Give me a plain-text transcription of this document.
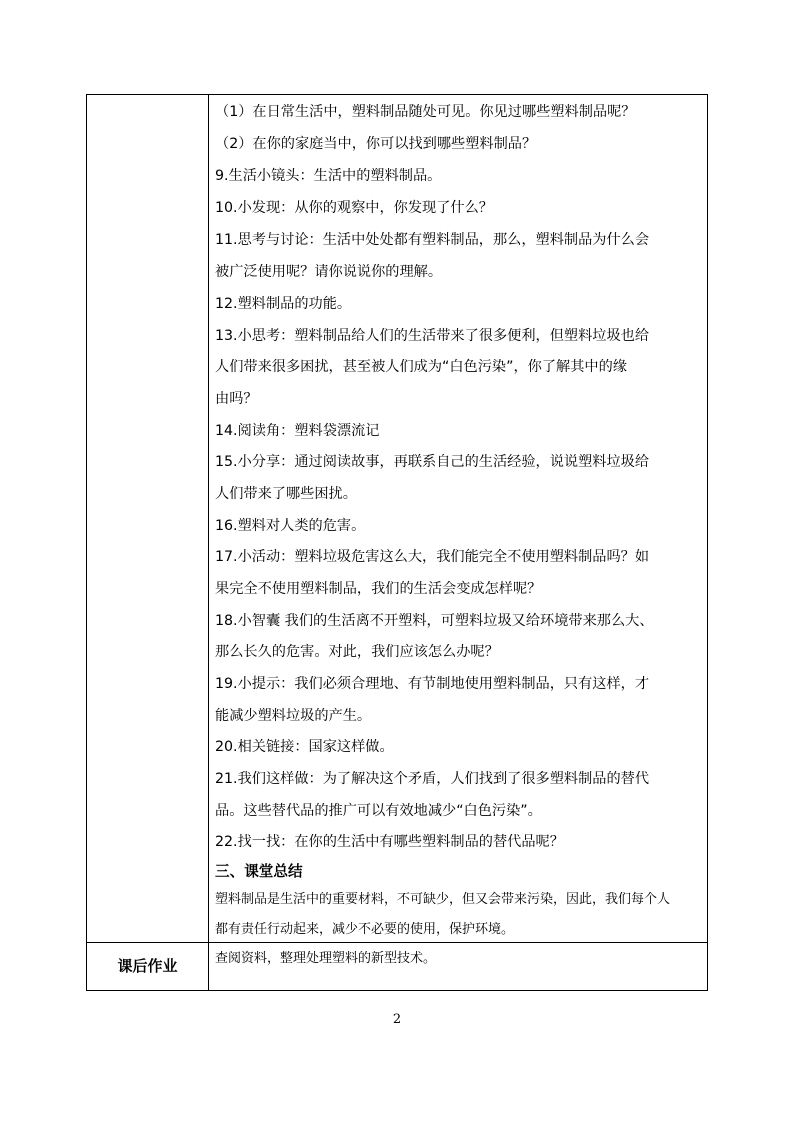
（1）在日常生活中，塑料制品随处可见。你见过哪些塑料制品呢？
（2）在你的家庭当中，你可以找到哪些塑料制品？
9.生活小镜头：生活中的塑料制品。
10.小发现：从你的观察中，你发现了什么？
11.思考与讨论：生活中处处都有塑料制品，那么，塑料制品为什么会
被广泛使用呢？请你说说你的理解。
12.塑料制品的功能。
13.小思考：塑料制品给人们的生活带来了很多便利，但塑料垃圾也给
人们带来很多困扰，甚至被人们成为“白色污染”，你了解其中的缘
由吗？
14.阅读角：塑料袋漂流记
15.小分享：通过阅读故事，再联系自己的生活经验，说说塑料垃圾给
人们带来了哪些困扰。
16.塑料对人类的危害。
17.小活动：塑料垃圾危害这么大，我们能完全不使用塑料制品吗？如
果完全不使用塑料制品，我们的生活会变成怎样呢？
18.小智囊 我们的生活离不开塑料，可塑料垃圾又给环境带来那么大、
那么长久的危害。对此，我们应该怎么办呢？
19.小提示：我们必须合理地、有节制地使用塑料制品，只有这样，才
能减少塑料垃圾的产生。
20.相关链接：国家这样做。
21.我们这样做：为了解决这个矛盾，人们找到了很多塑料制品的替代
品。这些替代品的推广可以有效地减少“白色污染”。
22.找一找：在你的生活中有哪些塑料制品的替代品呢？
三、课堂总结
塑料制品是生活中的重要材料，不可缺少，但又会带来污染，因此，我们每个人
都有责任行动起来，减少不必要的使用，保护环境。
课后作业	查阅资料，整理处理塑料的新型技术。
2
